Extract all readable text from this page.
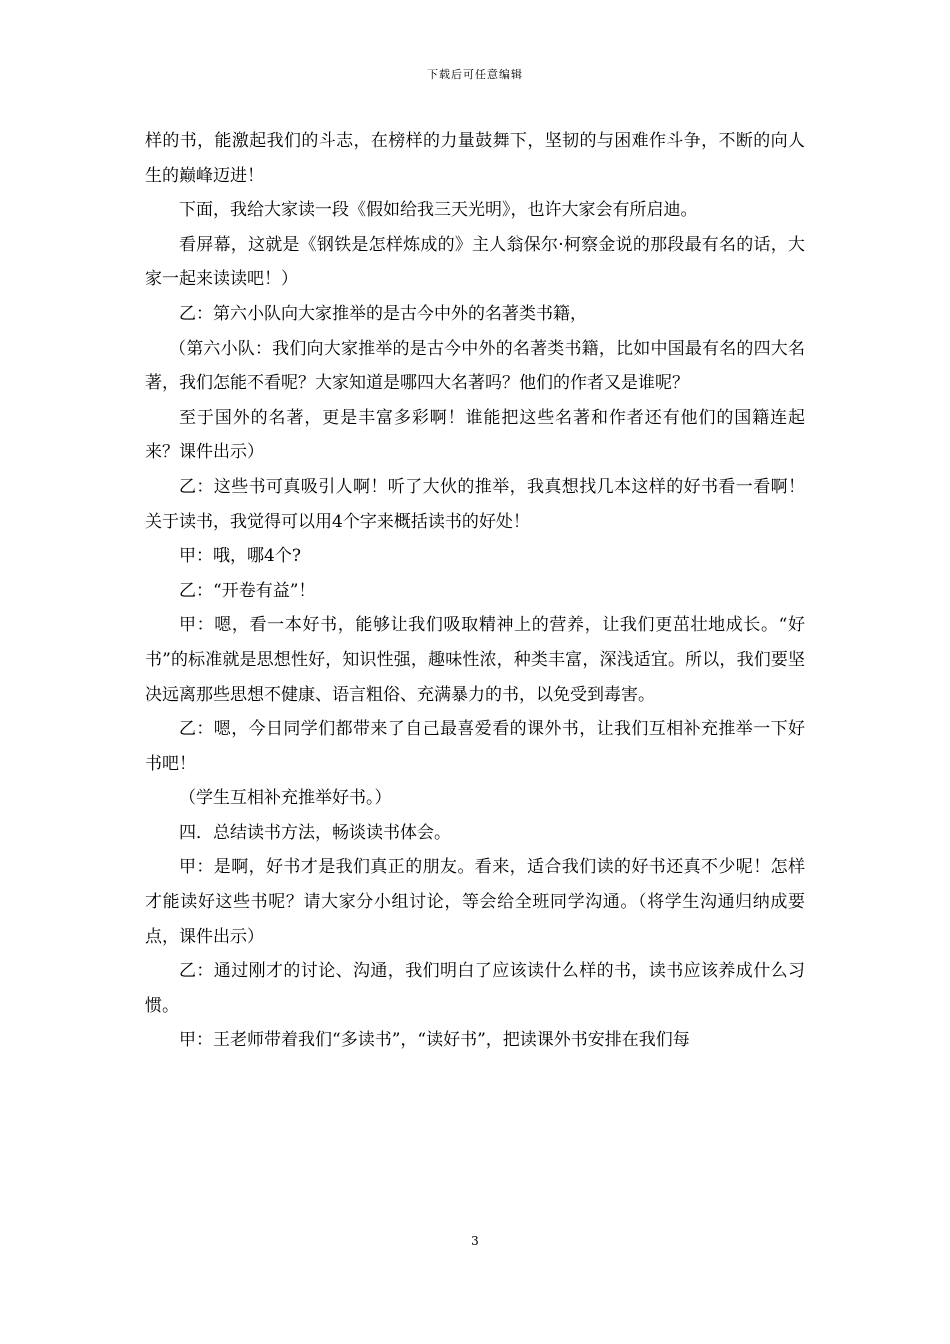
下载后可任意编辑

样的书，能激起我们的斗志，在榜样的力量鼓舞下，坚韧的与困难作斗争，不断的向人生的巅峰迈进！

下面，我给大家读一段《假如给我三天光明》，也许大家会有所启迪。

看屏幕，这就是《钢铁是怎样炼成的》主人翁保尔·柯察金说的那段最有名的话，大家一起来读读吧！）

乙：第六小队向大家推举的是古今中外的名著类书籍，

（第六小队：我们向大家推举的是古今中外的名著类书籍，比如中国最有名的四大名著，我们怎能不看呢？大家知道是哪四大名著吗？他们的作者又是谁呢？

至于国外的名著，更是丰富多彩啊！谁能把这些名著和作者还有他们的国籍连起来？课件出示）

乙：这些书可真吸引人啊！听了大伙的推举，我真想找几本这样的好书看一看啊！关于读书，我觉得可以用4个字来概括读书的好处！

甲：哦，哪4个?

乙：“开卷有益”！

甲：嗯，看一本好书，能够让我们吸取精神上的营养，让我们更茁壮地成长。“好书”的标准就是思想性好，知识性强，趣味性浓，种类丰富，深浅适宜。所以，我们要坚决远离那些思想不健康、语言粗俗、充满暴力的书，以免受到毒害。

乙：嗯，今日同学们都带来了自己最喜爱看的课外书，让我们互相补充推举一下好书吧！

（学生互相补充推举好书。）

四．总结读书方法，畅谈读书体会。

甲：是啊，好书才是我们真正的朋友。看来，适合我们读的好书还真不少呢！怎样才能读好这些书呢？请大家分小组讨论，等会给全班同学沟通。（将学生沟通归纳成要点，课件出示）

乙：通过刚才的讨论、沟通，我们明白了应该读什么样的书，读书应该养成什么习惯。

甲：王老师带着我们“多读书”，“读好书”，把读课外书安排在我们每

3
